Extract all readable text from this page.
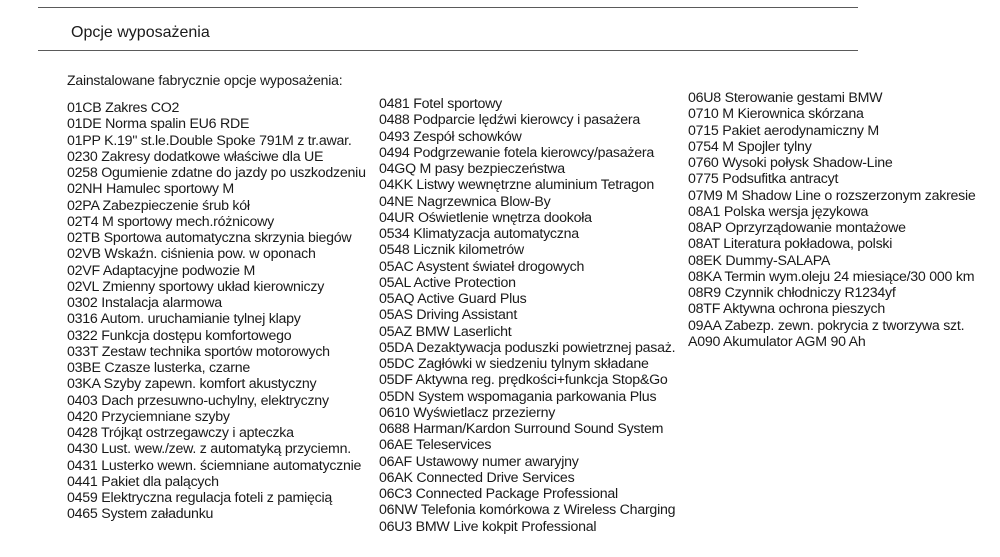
Opcje wyposażenia
Zainstalowane fabrycznie opcje wyposażenia:
01CB Zakres CO2
01DE Norma spalin EU6 RDE
01PP K.19" st.le.Double Spoke 791M z tr.awar.
0230 Zakresy dodatkowe właściwe dla UE
0258 Ogumienie zdatne do jazdy po uszkodzeniu
02NH Hamulec sportowy M
02PA Zabezpieczenie śrub kół
02T4 M sportowy mech.różnicowy
02TB Sportowa automatyczna skrzynia biegów
02VB Wskaźn. ciśnienia pow. w oponach
02VF Adaptacyjne podwozie M
02VL Zmienny sportowy układ kierowniczy
0302 Instalacja alarmowa
0316 Autom. uruchamianie tylnej klapy
0322 Funkcja dostępu komfortowego
033T Zestaw technika sportów motorowych
03BE Czasze lusterka, czarne
03KA Szyby zapewn. komfort akustyczny
0403 Dach przesuwno-uchylny, elektryczny
0420 Przyciemniane szyby
0428 Trójkąt ostrzegawczy i apteczka
0430 Lust. wew./zew. z automatyką przyciemn.
0431 Lusterko wewn. ściemniane automatycznie
0441 Pakiet dla palących
0459 Elektryczna regulacja foteli z pamięcią
0465 System załadunku
0481 Fotel sportowy
0488 Podparcie lędźwi kierowcy i pasażera
0493 Zespół schowków
0494 Podgrzewanie fotela kierowcy/pasażera
04GQ M pasy bezpieczeństwa
04KK Listwy wewnętrzne aluminium Tetragon
04NE Nagrzewnica Blow-By
04UR Oświetlenie wnętrza dookoła
0534 Klimatyzacja automatyczna
0548 Licznik kilometrów
05AC Asystent świateł drogowych
05AL Active Protection
05AQ Active Guard Plus
05AS Driving Assistant
05AZ BMW Laserlicht
05DA Dezaktywacja poduszki powietrznej pasaż.
05DC Zagłówki w siedzeniu tylnym składane
05DF Aktywna reg. prędkości+funkcja Stop&Go
05DN System wspomagania parkowania Plus
0610 Wyświetlacz przezierny
0688 Harman/Kardon Surround Sound System
06AE Teleservices
06AF Ustawowy numer awaryjny
06AK Connected Drive Services
06C3 Connected Package Professional
06NW Telefonia komórkowa z Wireless Charging
06U3 BMW Live kokpit Professional
06U8 Sterowanie gestami BMW
0710 M Kierownica skórzana
0715 Pakiet aerodynamiczny M
0754 M Spojler tylny
0760 Wysoki połysk Shadow-Line
0775 Podsufitka antracyt
07M9 M Shadow Line o rozszerzonym zakresie
08A1 Polska wersja językowa
08AP Oprzyrządowanie montażowe
08AT Literatura pokładowa, polski
08EK Dummy-SALAPA
08KA Termin wym.oleju 24 miesiące/30 000 km
08R9 Czynnik chłodniczy R1234yf
08TF Aktywna ochrona pieszych
09AA Zabezp. zewn. pokrycia z tworzywa szt.
A090 Akumulator AGM 90 Ah
